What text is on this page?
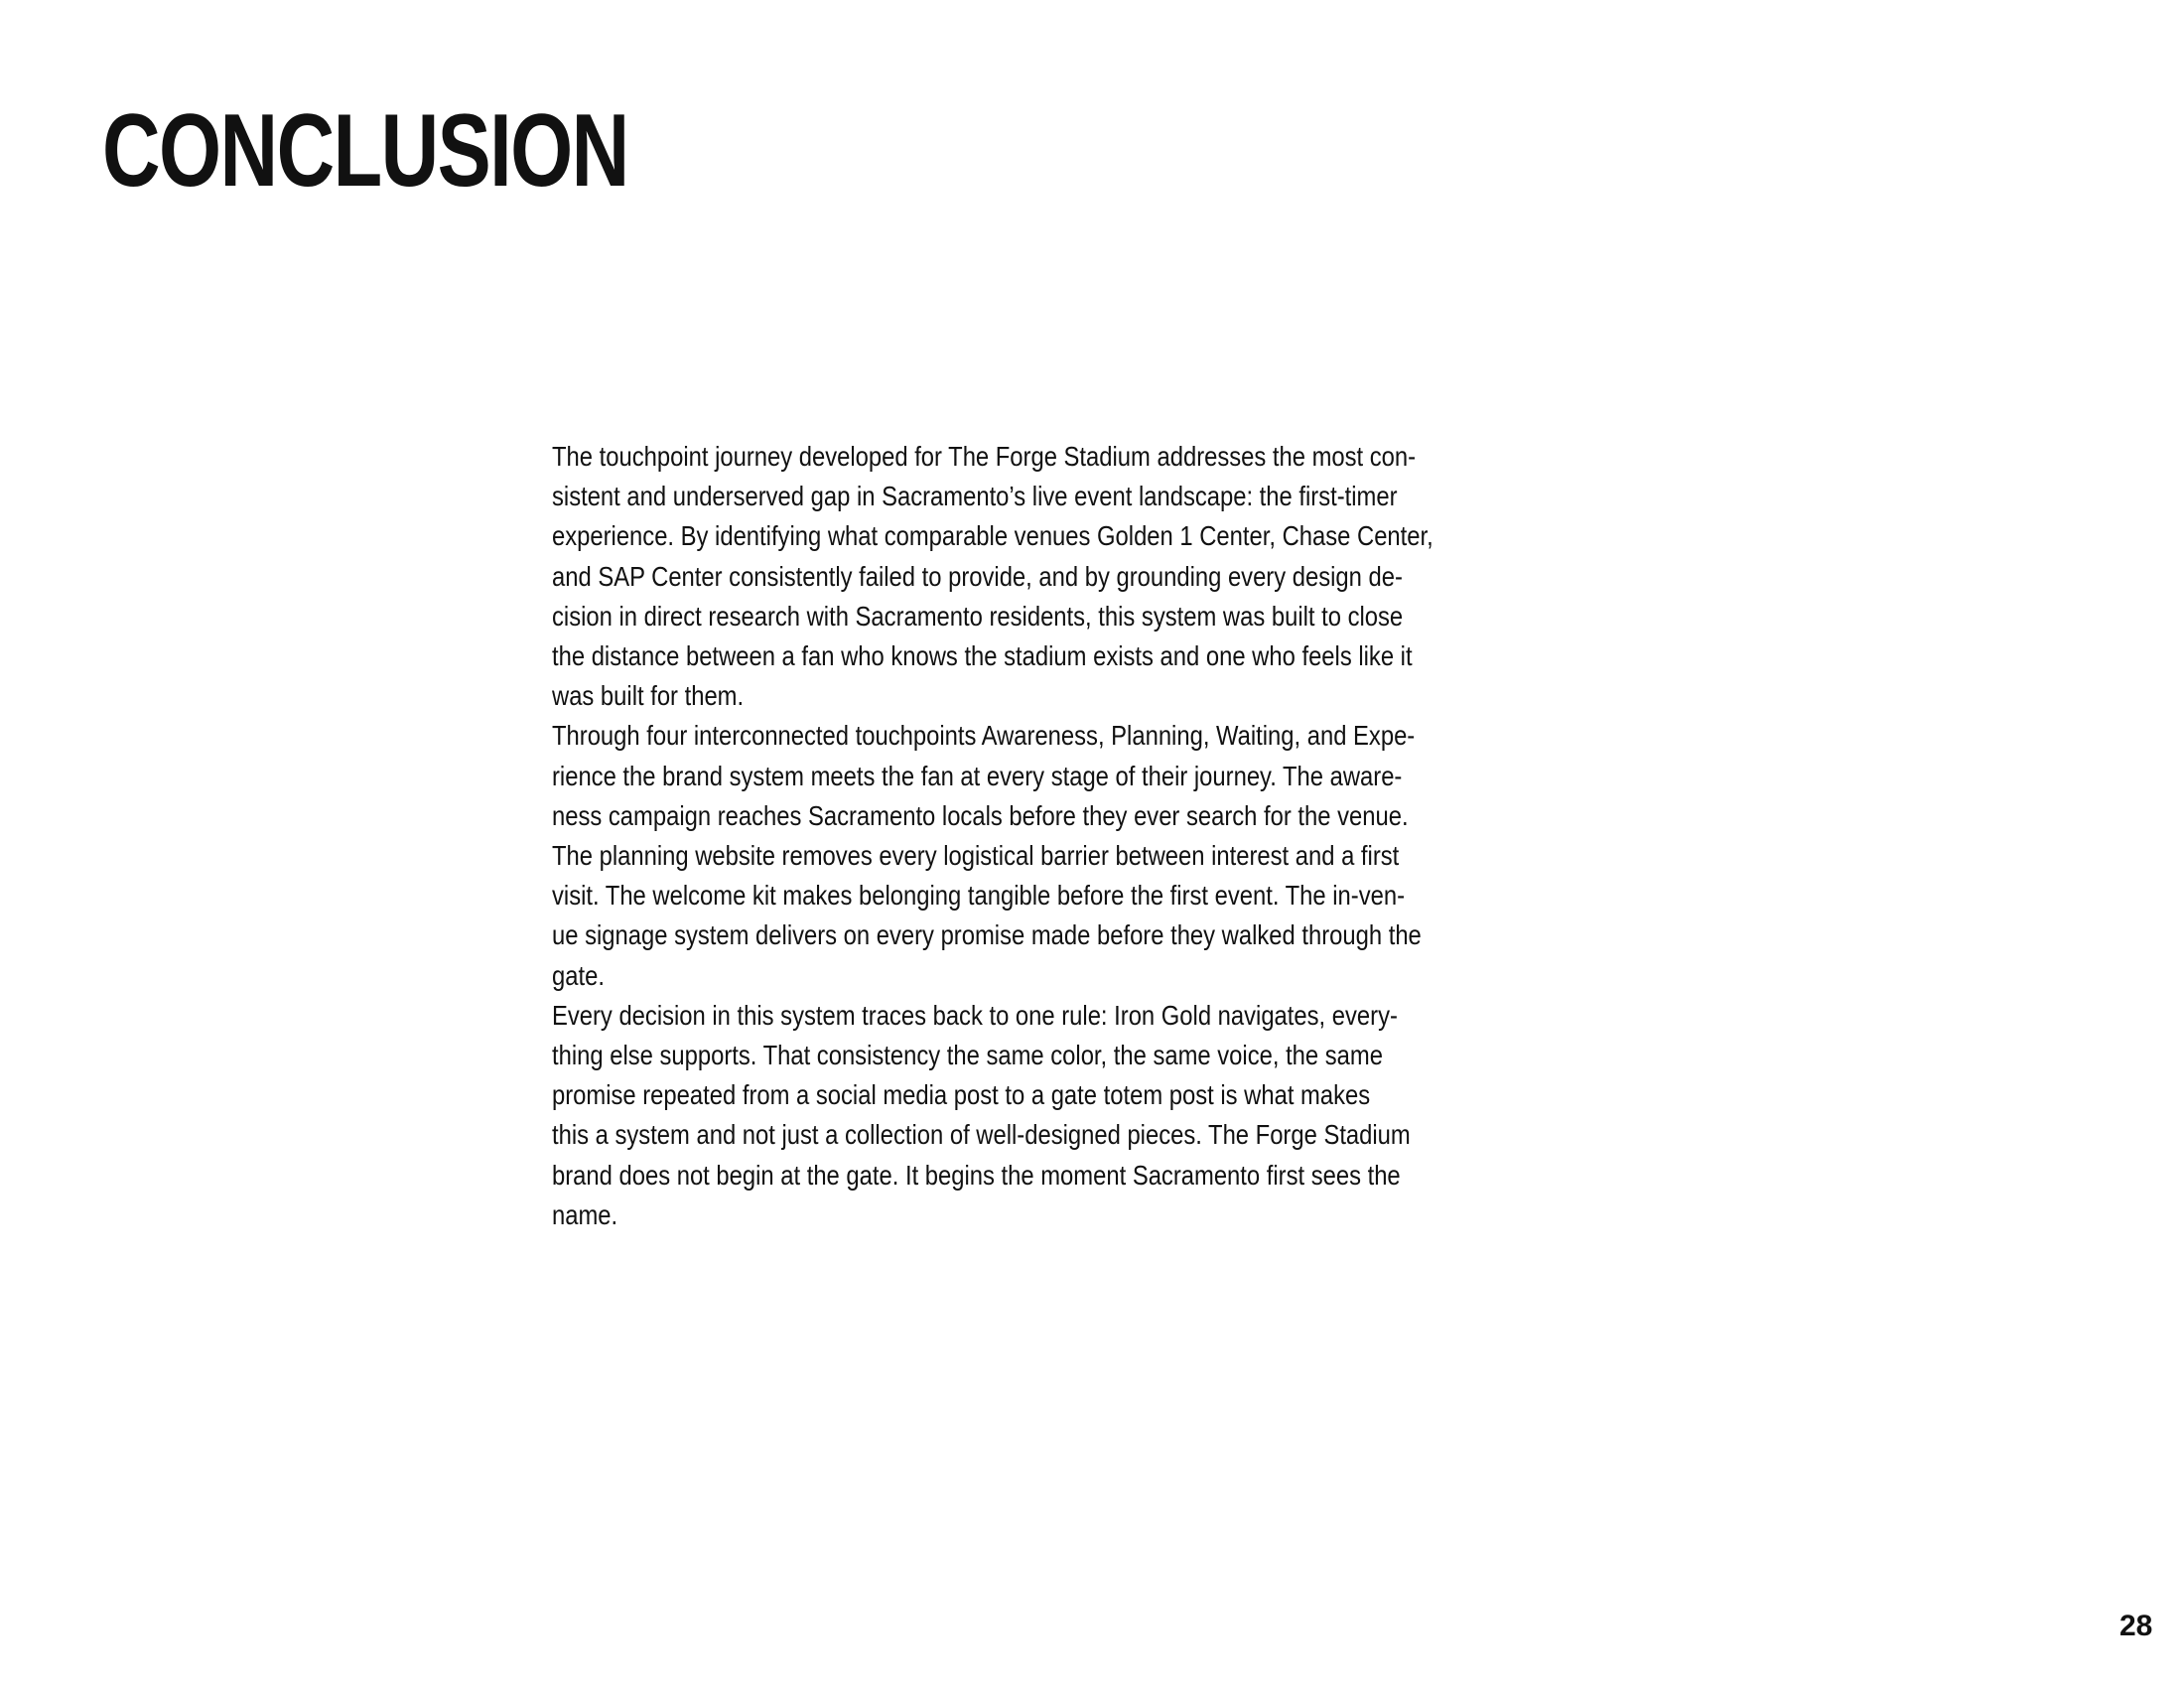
CONCLUSION
The touchpoint journey developed for The Forge Stadium addresses the most con-
sistent and underserved gap in Sacramento’s live event landscape: the first-timer
experience. By identifying what comparable venues Golden 1 Center, Chase Center,
and SAP Center consistently failed to provide, and by grounding every design de-
cision in direct research with Sacramento residents, this system was built to close
the distance between a fan who knows the stadium exists and one who feels like it
was built for them.
Through four interconnected touchpoints Awareness, Planning, Waiting, and Expe-
rience the brand system meets the fan at every stage of their journey. The aware-
ness campaign reaches Sacramento locals before they ever search for the venue.
The planning website removes every logistical barrier between interest and a first
visit. The welcome kit makes belonging tangible before the first event. The in-ven-
ue signage system delivers on every promise made before they walked through the
gate.
Every decision in this system traces back to one rule: Iron Gold navigates, every-
thing else supports. That consistency the same color, the same voice, the same
promise repeated from a social media post to a gate totem post is what makes
this a system and not just a collection of well-designed pieces. The Forge Stadium
brand does not begin at the gate. It begins the moment Sacramento first sees the
name.
28
